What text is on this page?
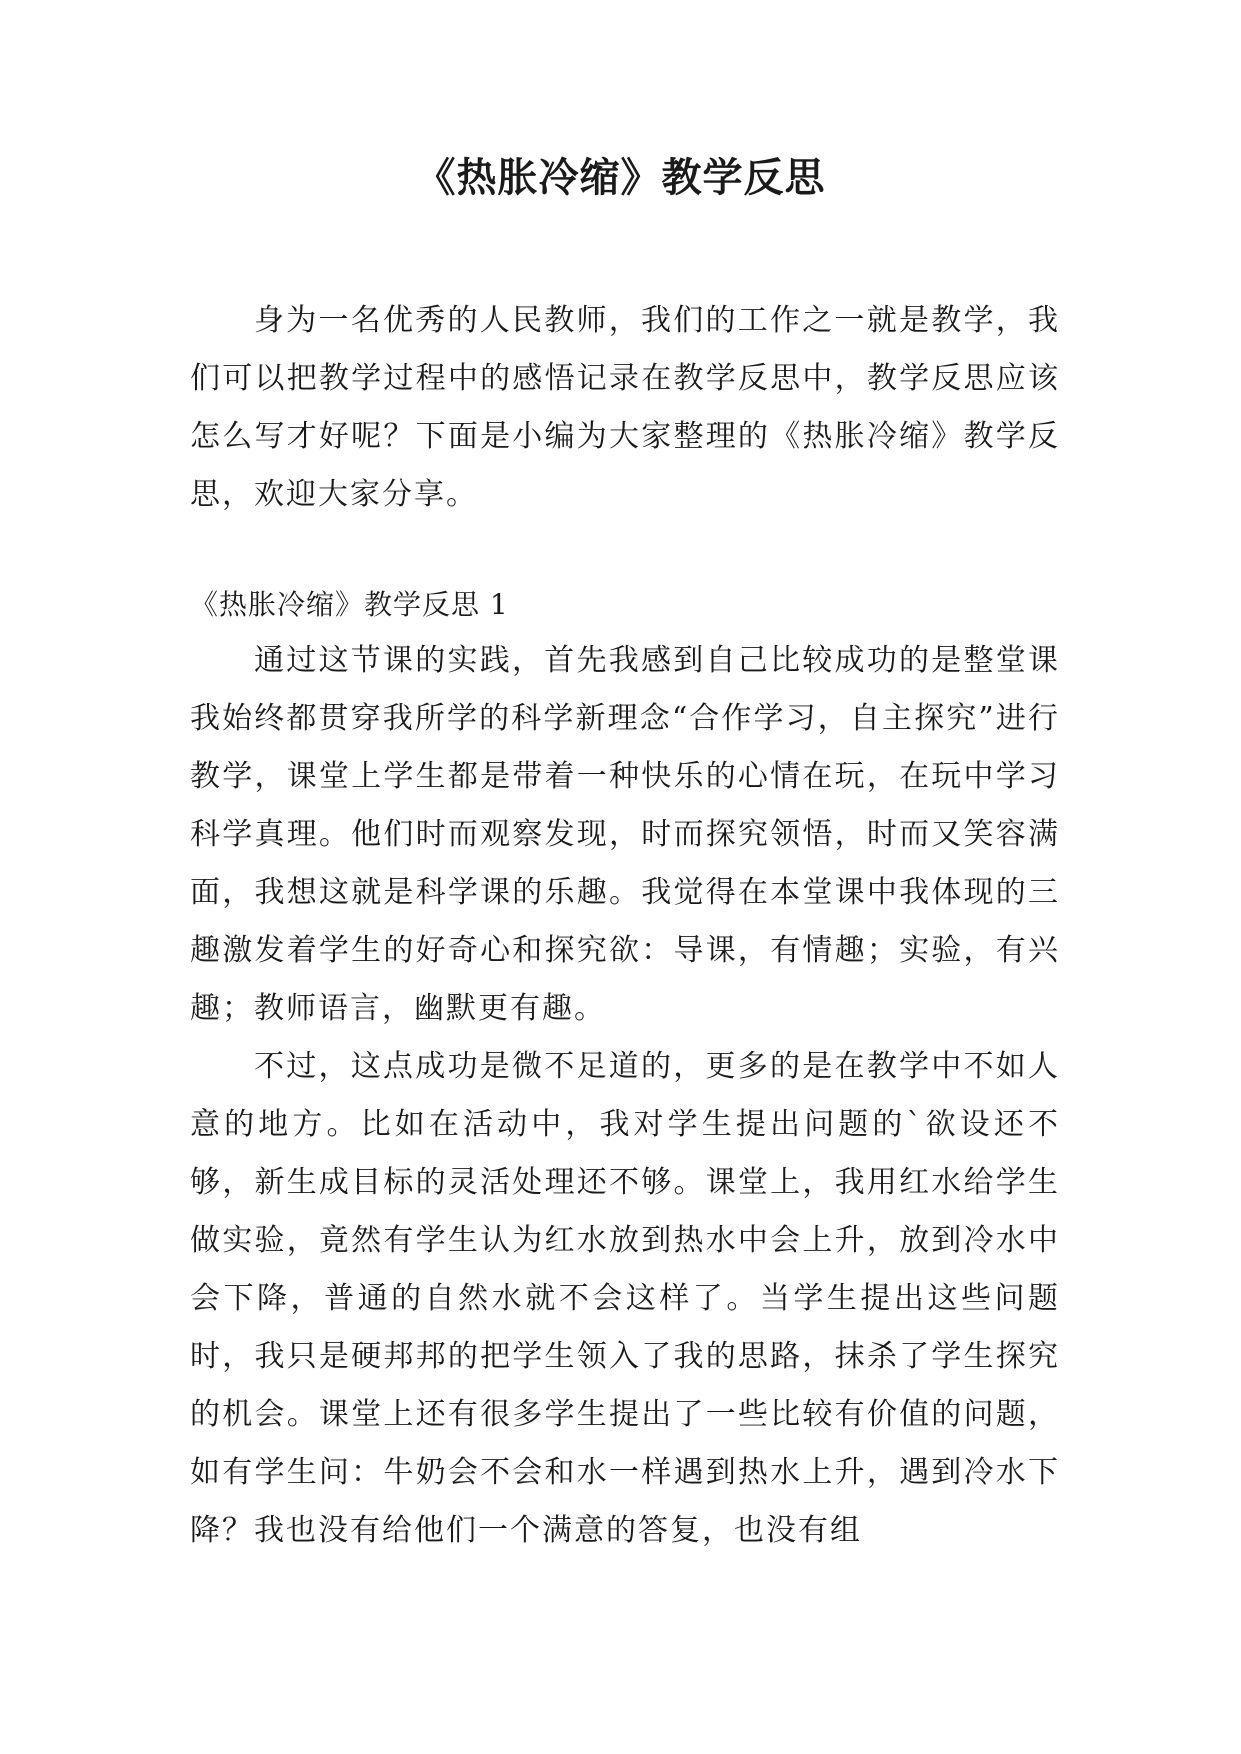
《热胀冷缩》教学反思

身为一名优秀的人民教师，我们的工作之一就是教学，我们可以把教学过程中的感悟记录在教学反思中，教学反思应该怎么写才好呢？下面是小编为大家整理的《热胀冷缩》教学反思，欢迎大家分享。

《热胀冷缩》教学反思 1

通过这节课的实践，首先我感到自己比较成功的是整堂课我始终都贯穿我所学的科学新理念“合作学习，自主探究”进行教学，课堂上学生都是带着一种快乐的心情在玩，在玩中学习科学真理。他们时而观察发现，时而探究领悟，时而又笑容满面，我想这就是科学课的乐趣。我觉得在本堂课中我体现的三趣激发着学生的好奇心和探究欲：导课，有情趣；实验，有兴趣；教师语言，幽默更有趣。

不过，这点成功是微不足道的，更多的是在教学中不如人意的地方。比如在活动中，我对学生提出问题的`欲设还不够，新生成目标的灵活处理还不够。课堂上，我用红水给学生做实验，竟然有学生认为红水放到热水中会上升，放到冷水中会下降，普通的自然水就不会这样了。当学生提出这些问题时，我只是硬邦邦的把学生领入了我的思路，抹杀了学生探究的机会。课堂上还有很多学生提出了一些比较有价值的问题，如有学生问：牛奶会不会和水一样遇到热水上升，遇到冷水下降？我也没有给他们一个满意的答复，也没有组
